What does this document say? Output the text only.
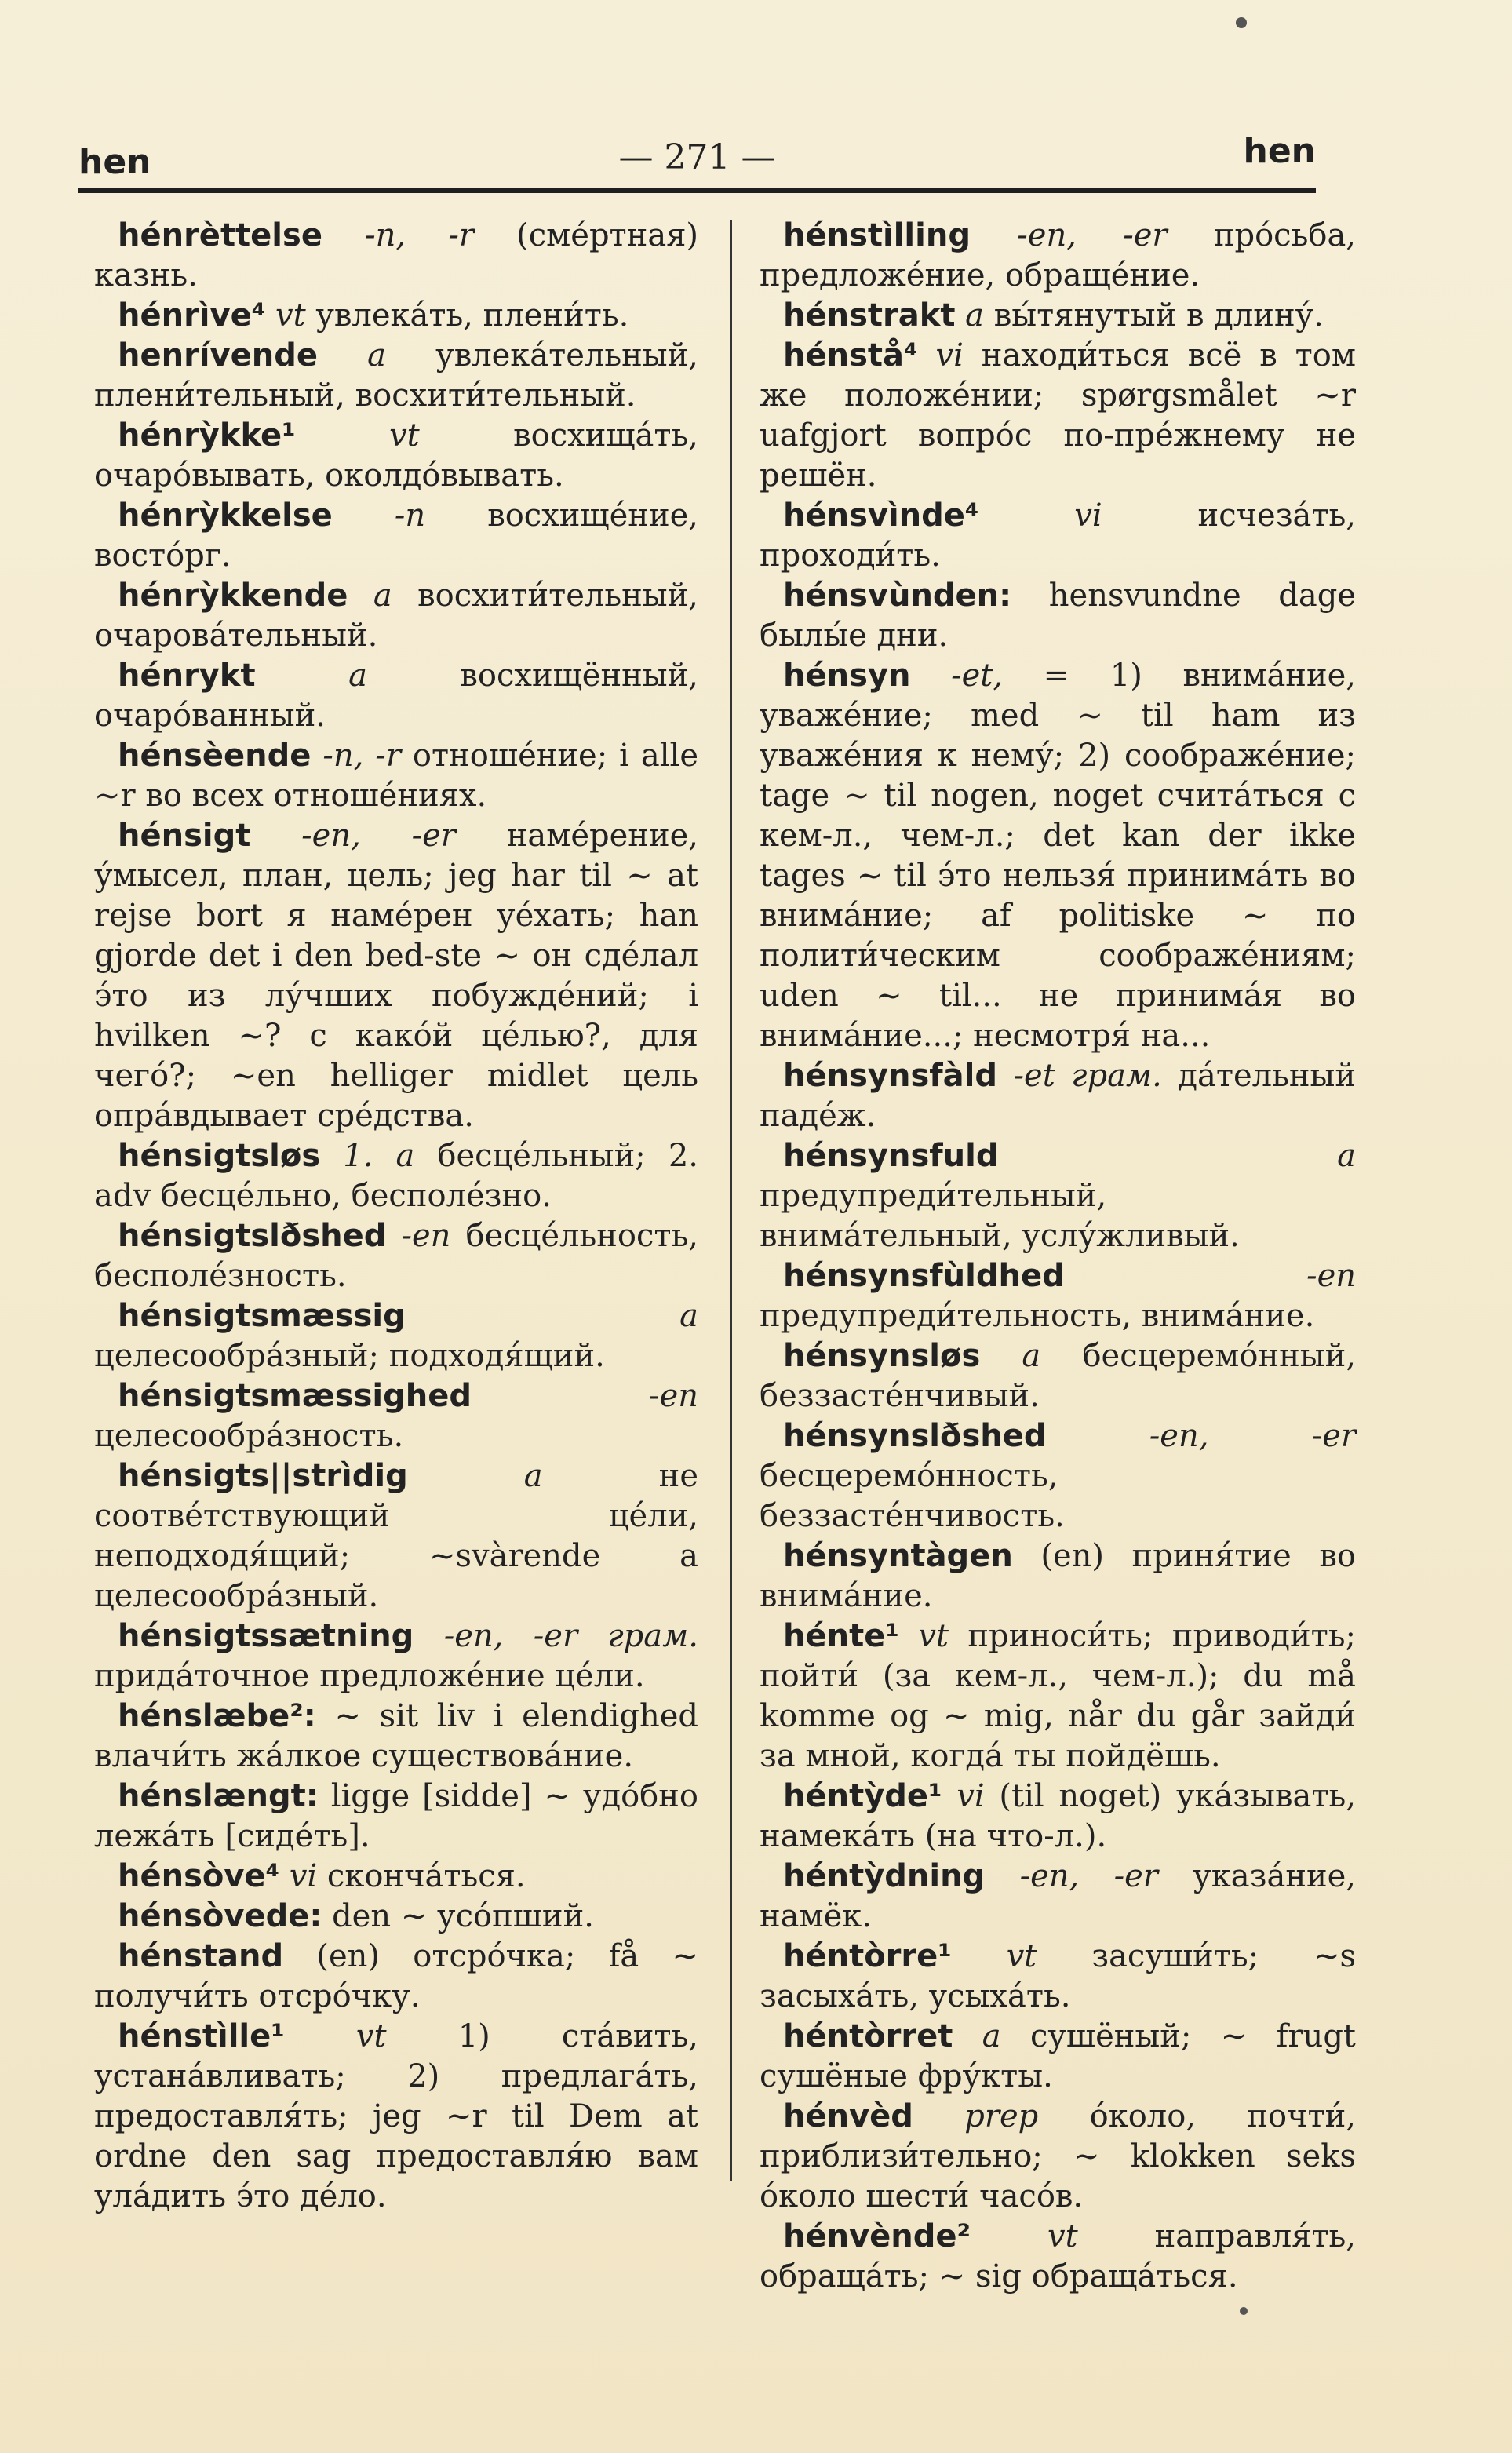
hen	— 271 —	hen

hénrèttelse -n, -r (сме́ртная) казнь.

hénrìve⁴ vt увлека́ть, плени́ть.

henrívende a увлека́тельный, плени́тельный, восхити́тельный.

hénrỳkke¹	vt	восхища́ть, очаро́вывать, околдо́вывать.

hénrỳkkelse -n восхище́ние, восто́рг.

hénrỳkkende a восхити́тельный, очарова́тельный.

hénrykt	a	восхищённый, очаро́ванный.

hénsèende -n, -r отноше́ние; i alle ~r во всех отноше́ниях.

hénsigt -en, -er наме́рение, у́мысел, план, цель; jeg har til ~ at rejse bort я наме́рен уе́хать; han gjorde det i den bed-ste ~ он сде́лал э́то из лу́чших побужде́ний; i hvilken ~? с како́й це́лью?, для чего́?; ~en helliger midlet цель опра́вдывает сре́дства.

hénsigtsløs 1. a бесце́льный; 2. adv бесце́льно, бесполе́зно.

hénsigtslðshed -en бесце́льность, бесполе́зность.

hénsigtsmæssig	a целесообра́зный; подходя́щий.

hénsigtsmæssighed	-en целесообра́зность.

hénsigts||strìdig	a	не соотве́тствующий це́ли, неподходя́щий; ~svàrende a целесообра́зный.

hénsigtssætning -en, -er грам. прида́точное предложе́ние це́ли.

hénslæbe²: ~ sit liv i elendighed влачи́ть жа́лкое существова́ние.

hénslængt: ligge [sidde] ~ удо́бно лежа́ть [сиде́ть].

hénsòve⁴ vi сконча́ться.

hénsòvede: den ~ усо́пший.

hénstand (en) отсро́чка; få ~ получи́ть отсро́чку.

hénstìlle¹ vt 1) ста́вить, устана́вливать; 2) предлага́ть, предоставля́ть; jeg ~r til Dem at ordne den sag предоставля́ю вам ула́дить э́то де́ло.

hénstìlling -en, -er про́сьба, предложе́ние, обраще́ние.

hénstrakt a вы́тянутый в длину́.

hénstå⁴ vi находи́ться всё в том же положе́нии; spørgsmålet ~r uafgjort вопро́с по-пре́жнему не решён.

hénsvìnde⁴	vi	исчеза́ть, проходи́ть.

hénsvùnden: hensvundne dage былы́е дни.

hénsyn -et, = 1) внима́ние, уваже́ние; med ~ til ham из уваже́ния к нему́; 2) соображе́ние; tage ~ til nogen, noget счита́ться с кем-л., чем-л.; det kan der ikke tages ~ til э́то нельзя́ принима́ть во внима́ние; af politiske ~ по полити́ческим соображе́ниям; uden ~ til... не принима́я во внима́ние...; несмотря́ на...

hénsynsfàld -et грам. да́тельный паде́ж.

hénsynsfuld	a предупреди́тельный, внима́тельный, услу́жливый.

hénsynsfùldhed	-en предупреди́тельность, внима́ние.

hénsynsløs a бесцеремо́нный, беззасте́нчивый.

hénsynslðshed	-en, -er бесцеремо́нность, беззасте́нчивость.

hénsyntàgen (en) приня́тие во внима́ние.

hénte¹ vt приноси́ть; приводи́ть; пойти́ (за кем-л., чем-л.); du må komme og ~ mig, når du går зайди́ за мной, когда́ ты пойдёшь.

héntỳde¹ vi (til noget) ука́зывать, намека́ть (на что-л.).

héntỳdning -en, -er указа́ние, намёк.

héntòrre¹ vt засуши́ть; ~s засыха́ть, усыха́ть.

héntòrret a сушёный; ~ frugt сушёные фру́кты.

hénvèd prep о́коло, почти́, приблизи́тельно; ~ klokken seks о́коло шести́ часо́в.

hénvènde² vt направля́ть, обраща́ть; ~ sig обраща́ться.
